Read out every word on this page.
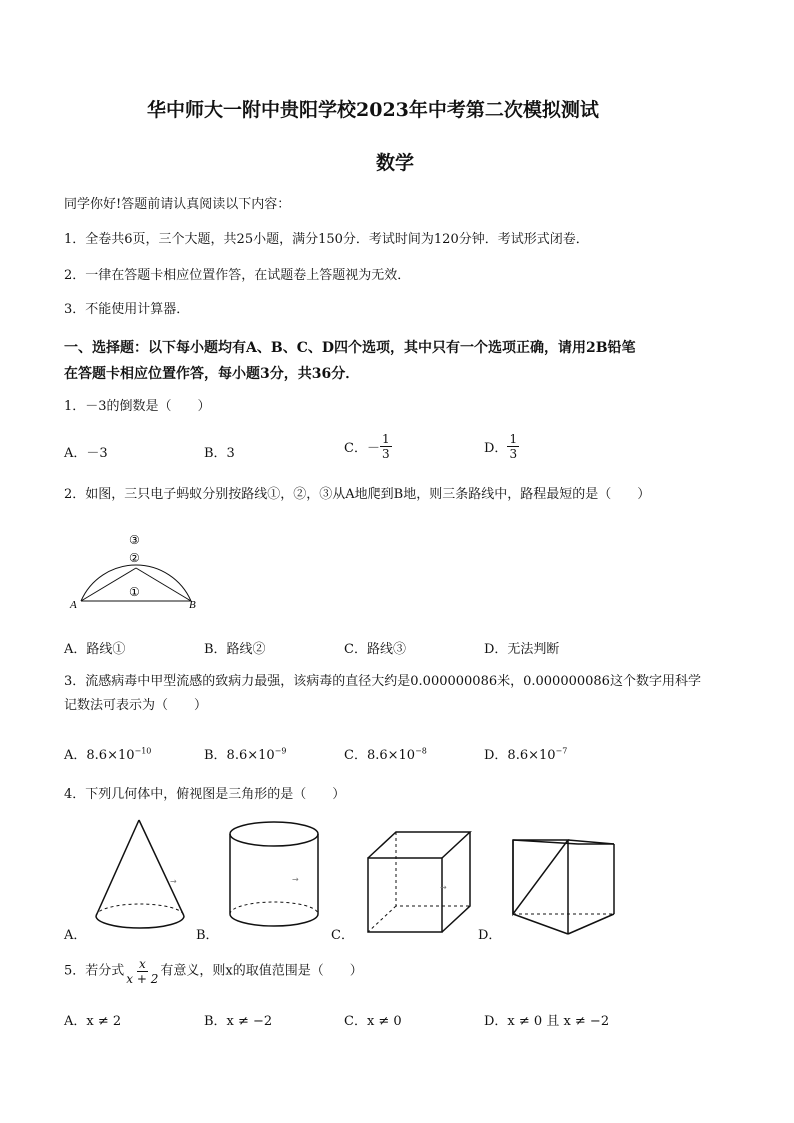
华中师大一附中贵阳学校2023年中考第二次模拟测试
数学
同学你好!答题前请认真阅读以下内容：
1．全卷共6页，三个大题，共25小题，满分150分．考试时间为120分钟．考试形式闭卷．
2．一律在答题卡相应位置作答，在试题卷上答题视为无效．
3．不能使用计算器．
一、选择题：以下每小题均有A、B、C、D四个选项，其中只有一个选项正确，请用2B铅笔
在答题卡相应位置作答，每小题3分，共36分．
1．－3的倒数是（　　）
A．－3	B．3	C．－ $\frac{1}{3}$	D． $\frac{1}{3}$
2．如图，三只电子蚂蚁分别按路线①，②，③从A地爬到B地，则三条路线中，路程最短的是（　　）
③
②
①
A	B
A．路线①	B．路线②	C．路线③	D．无法判断
3．流感病毒中甲型流感的致病力最强，该病毒的直径大约是0.000000086米，0.000000086这个数字用科学
记数法可表示为（　　）
A．$8.6\times 10^{-10}$	B．$8.6\times 10^{-9}$	C．$8.6\times 10^{-8}$	D．$8.6\times 10^{-7}$
4．下列几何体中，俯视图是三角形的是（　　）
→
A．
→
B．
→
C．	D．
5．若分式 $\frac{x}{x + 2}$ 有意义，则x的取值范围是（　　）
A．x ≠ 2	B．x ≠ −2	C．x ≠ 0	D．x ≠ 0 且 x ≠ −2
